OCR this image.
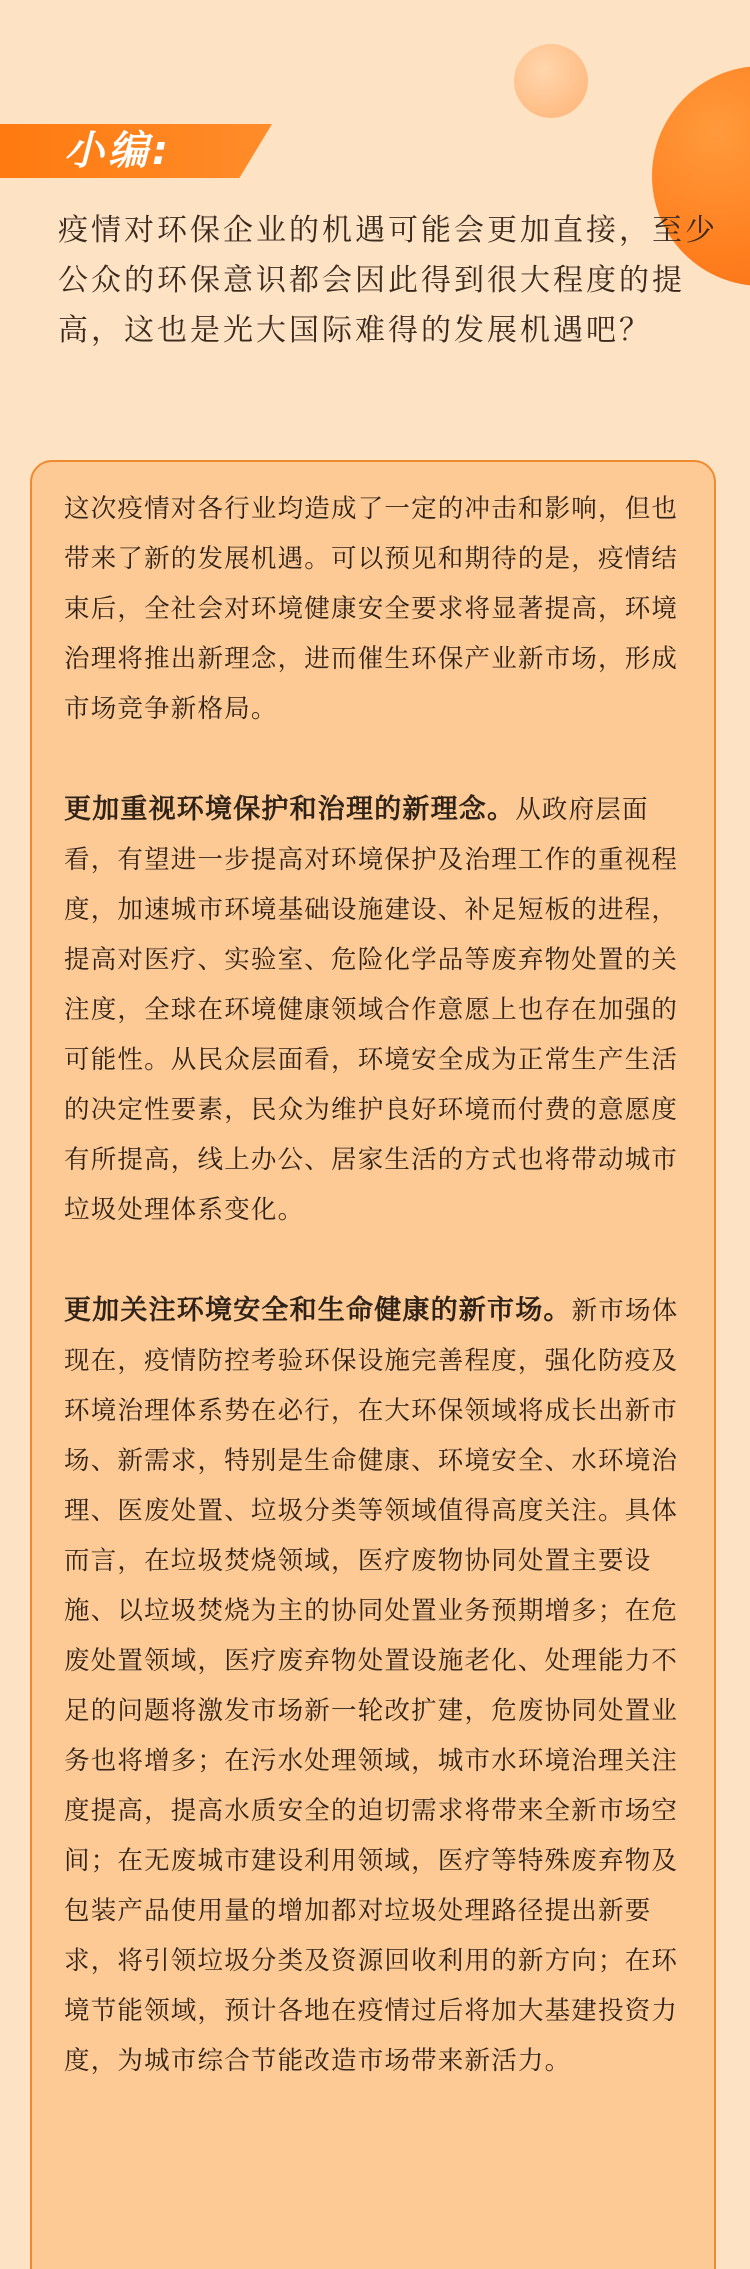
小编:
疫情对环保企业的机遇可能会更加直接，至少公众的环保意识都会因此得到很大程度的提高，这也是光大国际难得的发展机遇吧？

这次疫情对各行业均造成了一定的冲击和影响，但也带来了新的发展机遇。可以预见和期待的是，疫情结束后，全社会对环境健康安全要求将显著提高，环境治理将推出新理念，进而催生环保产业新市场，形成市场竞争新格局。

更加重视环境保护和治理的新理念。从政府层面看，有望进一步提高对环境保护及治理工作的重视程度，加速城市环境基础设施建设、补足短板的进程，提高对医疗、实验室、危险化学品等废弃物处置的关注度，全球在环境健康领域合作意愿上也存在加强的可能性。从民众层面看，环境安全成为正常生产生活的决定性要素，民众为维护良好环境而付费的意愿度有所提高，线上办公、居家生活的方式也将带动城市垃圾处理体系变化。

更加关注环境安全和生命健康的新市场。新市场体现在，疫情防控考验环保设施完善程度，强化防疫及环境治理体系势在必行，在大环保领域将成长出新市场、新需求，特别是生命健康、环境安全、水环境治理、医废处置、垃圾分类等领域值得高度关注。具体而言，在垃圾焚烧领域，医疗废物协同处置主要设施、以垃圾焚烧为主的协同处置业务预期增多；在危废处置领域，医疗废弃物处置设施老化、处理能力不足的问题将激发市场新一轮改扩建，危废协同处置业务也将增多；在污水处理领域，城市水环境治理关注度提高，提高水质安全的迫切需求将带来全新市场空间；在无废城市建设利用领域，医疗等特殊废弃物及包装产品使用量的增加都对垃圾处理路径提出新要求，将引领垃圾分类及资源回收利用的新方向；在环境节能领域，预计各地在疫情过后将加大基建投资力度，为城市综合节能改造市场带来新活力。
